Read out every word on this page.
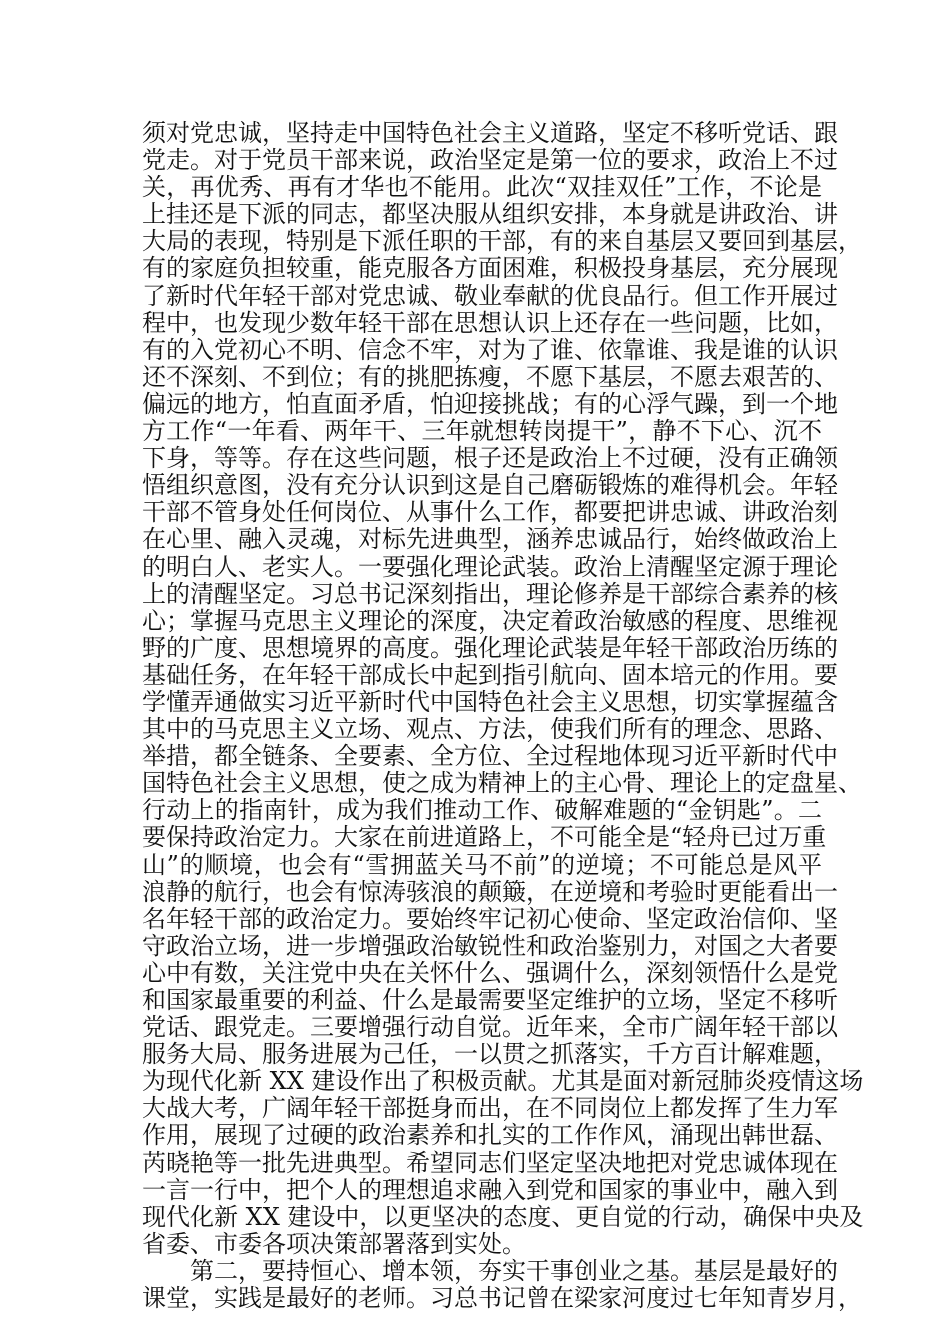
须对党忠诚，坚持走中国特色社会主义道路，坚定不移听党话、跟
党走。对于党员干部来说，政治坚定是第一位的要求，政治上不过
关，再优秀、再有才华也不能用。此次“双挂双任”工作，不论是
上挂还是下派的同志，都坚决服从组织安排，本身就是讲政治、讲
大局的表现，特别是下派任职的干部，有的来自基层又要回到基层，
有的家庭负担较重，能克服各方面困难，积极投身基层，充分展现
了新时代年轻干部对党忠诚、敬业奉献的优良品行。但工作开展过
程中，也发现少数年轻干部在思想认识上还存在一些问题，比如，
有的入党初心不明、信念不牢，对为了谁、依靠谁、我是谁的认识
还不深刻、不到位；有的挑肥拣瘦，不愿下基层，不愿去艰苦的、
偏远的地方，怕直面矛盾，怕迎接挑战；有的心浮气躁，到一个地
方工作“一年看、两年干、三年就想转岗提干”，静不下心、沉不
下身，等等。存在这些问题，根子还是政治上不过硬，没有正确领
悟组织意图，没有充分认识到这是自己磨砺锻炼的难得机会。年轻
干部不管身处任何岗位、从事什么工作，都要把讲忠诚、讲政治刻
在心里、融入灵魂，对标先进典型，涵养忠诚品行，始终做政治上
的明白人、老实人。一要强化理论武装。政治上清醒坚定源于理论
上的清醒坚定。习总书记深刻指出，理论修养是干部综合素养的核
心；掌握马克思主义理论的深度，决定着政治敏感的程度、思维视
野的广度、思想境界的高度。强化理论武装是年轻干部政治历练的
基础任务，在年轻干部成长中起到指引航向、固本培元的作用。要
学懂弄通做实习近平新时代中国特色社会主义思想，切实掌握蕴含
其中的马克思主义立场、观点、方法，使我们所有的理念、思路、
举措，都全链条、全要素、全方位、全过程地体现习近平新时代中
国特色社会主义思想，使之成为精神上的主心骨、理论上的定盘星、
行动上的指南针，成为我们推动工作、破解难题的“金钥匙”。二
要保持政治定力。大家在前进道路上，不可能全是“轻舟已过万重
山”的顺境，也会有“雪拥蓝关马不前”的逆境；不可能总是风平
浪静的航行，也会有惊涛骇浪的颠簸，在逆境和考验时更能看出一
名年轻干部的政治定力。要始终牢记初心使命、坚定政治信仰、坚
守政治立场，进一步增强政治敏锐性和政治鉴别力，对国之大者要
心中有数，关注党中央在关怀什么、强调什么，深刻领悟什么是党
和国家最重要的利益、什么是最需要坚定维护的立场，坚定不移听
党话、跟党走。三要增强行动自觉。近年来，全市广阔年轻干部以
服务大局、服务进展为己任，一以贯之抓落实，千方百计解难题，
为现代化新 XX 建设作出了积极贡献。尤其是面对新冠肺炎疫情这场
大战大考，广阔年轻干部挺身而出，在不同岗位上都发挥了生力军
作用，展现了过硬的政治素养和扎实的工作作风，涌现出韩世磊、
芮晓艳等一批先进典型。希望同志们坚定坚决地把对党忠诚体现在
一言一行中，把个人的理想追求融入到党和国家的事业中，融入到
现代化新 XX 建设中，以更坚决的态度、更自觉的行动，确保中央及
省委、市委各项决策部署落到实处。
第二，要持恒心、增本领，夯实干事创业之基。基层是最好的
课堂，实践是最好的老师。习总书记曾在梁家河度过七年知青岁月，
